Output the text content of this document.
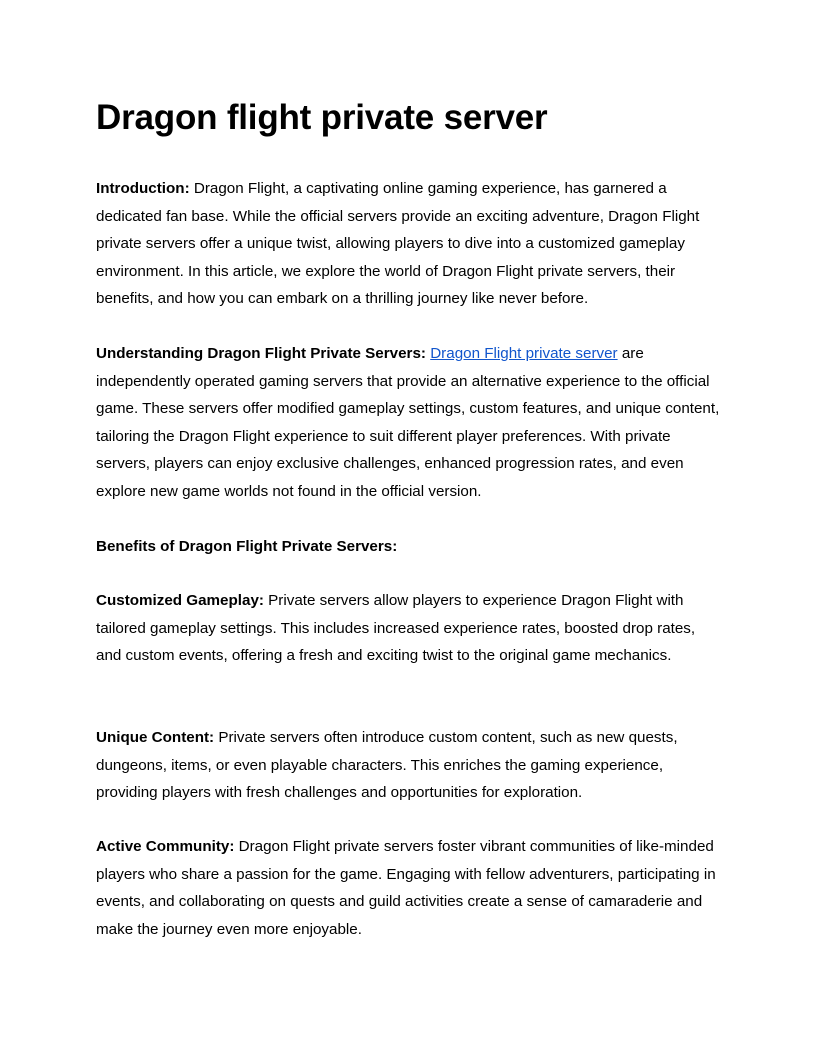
Dragon flight private server

Introduction: Dragon Flight, a captivating online gaming experience, has garnered a dedicated fan base. While the official servers provide an exciting adventure, Dragon Flight private servers offer a unique twist, allowing players to dive into a customized gameplay environment. In this article, we explore the world of Dragon Flight private servers, their benefits, and how you can embark on a thrilling journey like never before.

Understanding Dragon Flight Private Servers: Dragon Flight private server are independently operated gaming servers that provide an alternative experience to the official game. These servers offer modified gameplay settings, custom features, and unique content, tailoring the Dragon Flight experience to suit different player preferences. With private servers, players can enjoy exclusive challenges, enhanced progression rates, and even explore new game worlds not found in the official version.

Benefits of Dragon Flight Private Servers:

Customized Gameplay: Private servers allow players to experience Dragon Flight with tailored gameplay settings. This includes increased experience rates, boosted drop rates, and custom events, offering a fresh and exciting twist to the original game mechanics.

Unique Content: Private servers often introduce custom content, such as new quests, dungeons, items, or even playable characters. This enriches the gaming experience, providing players with fresh challenges and opportunities for exploration.

Active Community: Dragon Flight private servers foster vibrant communities of like-minded players who share a passion for the game. Engaging with fellow adventurers, participating in events, and collaborating on quests and guild activities create a sense of camaraderie and make the journey even more enjoyable.
